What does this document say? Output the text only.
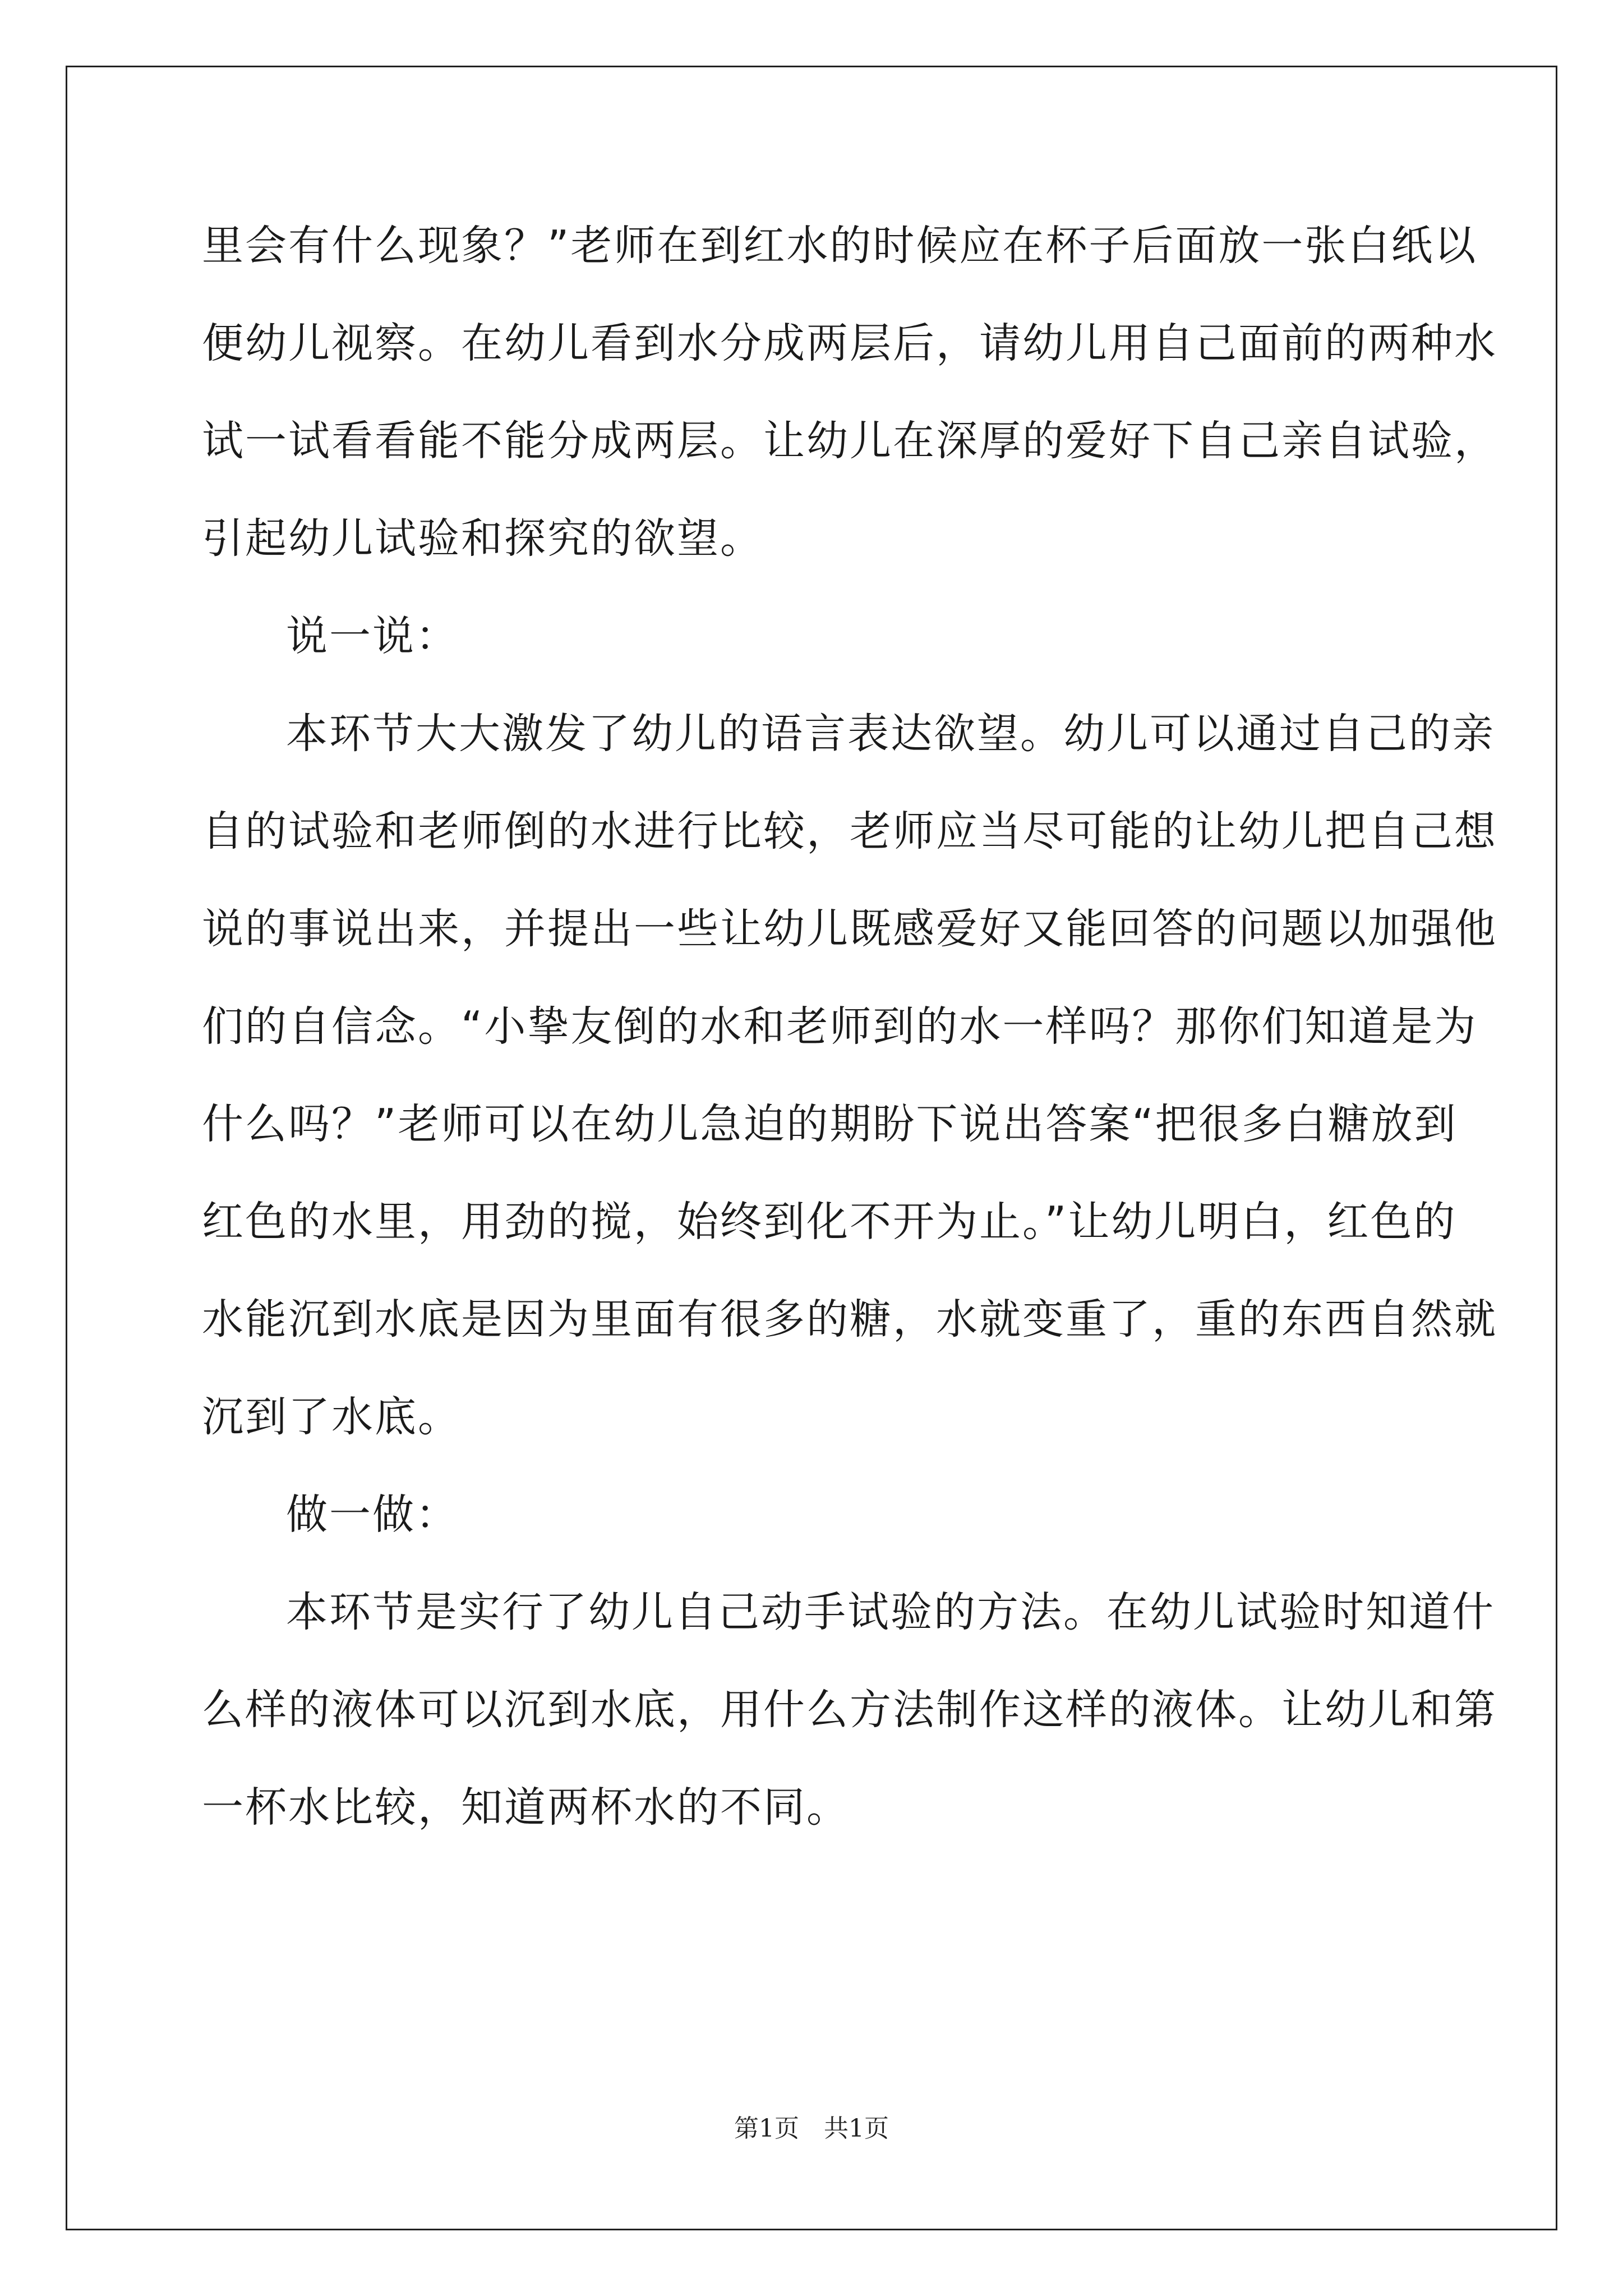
里会有什么现象？”老师在到红水的时候应在杯子后面放一张白纸以
便幼儿视察。在幼儿看到水分成两层后，请幼儿用自己面前的两种水
试一试看看能不能分成两层。让幼儿在深厚的爱好下自己亲自试验，
引起幼儿试验和探究的欲望。
说一说：
本环节大大激发了幼儿的语言表达欲望。幼儿可以通过自己的亲
自的试验和老师倒的水进行比较，老师应当尽可能的让幼儿把自己想
说的事说出来，并提出一些让幼儿既感爱好又能回答的问题以加强他
们的自信念。“小挚友倒的水和老师到的水一样吗？那你们知道是为
什么吗？”老师可以在幼儿急迫的期盼下说出答案“把很多白糖放到
红色的水里，用劲的搅，始终到化不开为止。”让幼儿明白，红色的
水能沉到水底是因为里面有很多的糖，水就变重了，重的东西自然就
沉到了水底。
做一做：
本环节是实行了幼儿自己动手试验的方法。在幼儿试验时知道什
么样的液体可以沉到水底，用什么方法制作这样的液体。让幼儿和第
一杯水比较，知道两杯水的不同。
第1页　共1页
